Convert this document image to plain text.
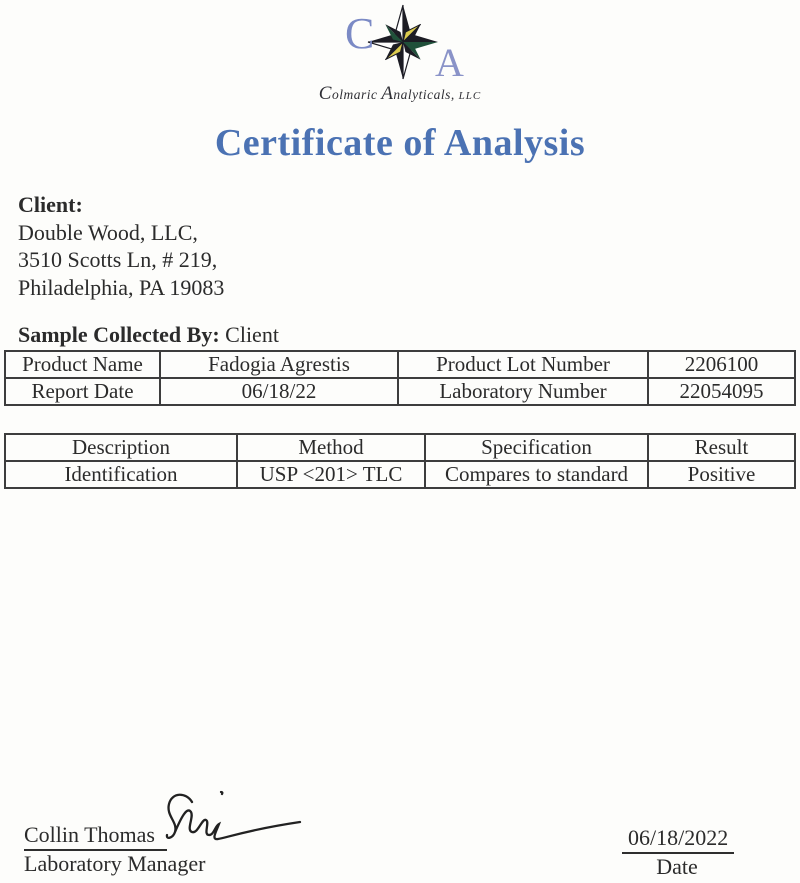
C
A
Colmaric Analyticals, LLC
Certificate of Analysis
Client:
Double Wood, LLC,
3510 Scotts Ln, # 219,
Philadelphia, PA 19083
Sample Collected By: Client
Product Name	Fadogia Agrestis	Product Lot Number	2206100
Report Date	06/18/22	Laboratory Number	22054095
Description	Method	Specification	Result
Identification	USP <201> TLC	Compares to standard	Positive
Collin Thomas
Laboratory Manager
06/18/2022
Date
